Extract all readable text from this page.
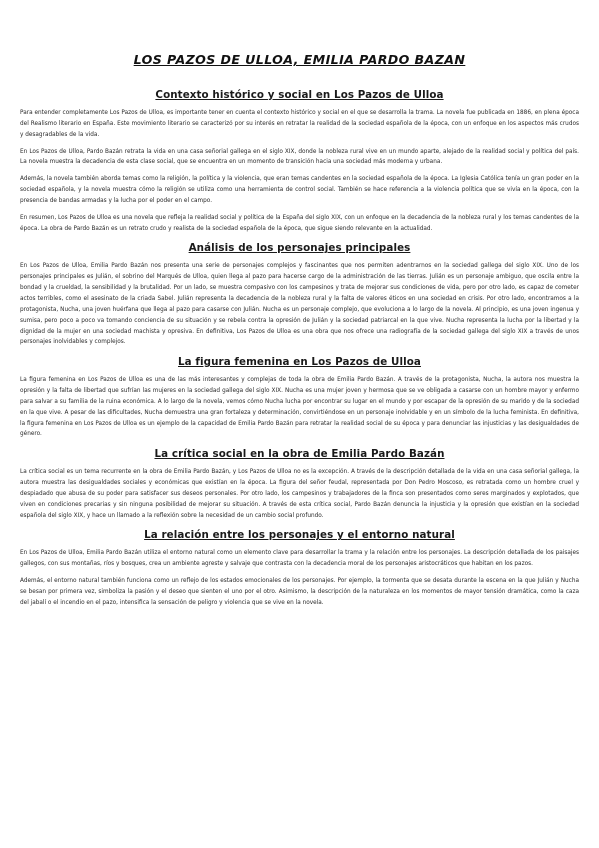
LOS PAZOS DE ULLOA, EMILIA PARDO BAZAN
Contexto histórico y social en Los Pazos de Ulloa

Para entender completamente Los Pazos de Ulloa, es importante tener en cuenta el contexto histórico y social en el que se desarrolla la trama. La novela fue publicada en 1886, en plena época del Realismo literario en España. Este movimiento literario se caracterizó por su interés en retratar la realidad de la sociedad española de la época, con un enfoque en los aspectos más crudos y desagradables de la vida.

En Los Pazos de Ulloa, Pardo Bazán retrata la vida en una casa señorial gallega en el siglo XIX, donde la nobleza rural vive en un mundo aparte, alejado de la realidad social y política del país. La novela muestra la decadencia de esta clase social, que se encuentra en un momento de transición hacia una sociedad más moderna y urbana.

Además, la novela también aborda temas como la religión, la política y la violencia, que eran temas candentes en la sociedad española de la época. La Iglesia Católica tenía un gran poder en la sociedad española, y la novela muestra cómo la religión se utiliza como una herramienta de control social. También se hace referencia a la violencia política que se vivía en la época, con la presencia de bandas armadas y la lucha por el poder en el campo.

En resumen, Los Pazos de Ulloa es una novela que refleja la realidad social y política de la España del siglo XIX, con un enfoque en la decadencia de la nobleza rural y los temas candentes de la época. La obra de Pardo Bazán es un retrato crudo y realista de la sociedad española de la época, que sigue siendo relevante en la actualidad.

Análisis de los personajes principales

En Los Pazos de Ulloa, Emilia Pardo Bazán nos presenta una serie de personajes complejos y fascinantes que nos permiten adentrarnos en la sociedad gallega del siglo XIX. Uno de los personajes principales es Julián, el sobrino del Marqués de Ulloa, quien llega al pazo para hacerse cargo de la administración de las tierras. Julián es un personaje ambiguo, que oscila entre la bondad y la crueldad, la sensibilidad y la brutalidad. Por un lado, se muestra compasivo con los campesinos y trata de mejorar sus condiciones de vida, pero por otro lado, es capaz de cometer actos terribles, como el asesinato de la criada Sabel. Julián representa la decadencia de la nobleza rural y la falta de valores éticos en una sociedad en crisis. Por otro lado, encontramos a la protagonista, Nucha, una joven huérfana que llega al pazo para casarse con Julián. Nucha es un personaje complejo, que evoluciona a lo largo de la novela. Al principio, es una joven ingenua y sumisa, pero poco a poco va tomando conciencia de su situación y se rebela contra la opresión de Julián y la sociedad patriarcal en la que vive. Nucha representa la lucha por la libertad y la dignidad de la mujer en una sociedad machista y opresiva. En definitiva, Los Pazos de Ulloa es una obra que nos ofrece una radiografía de la sociedad gallega del siglo XIX a través de unos personajes inolvidables y complejos.

La figura femenina en Los Pazos de Ulloa

La figura femenina en Los Pazos de Ulloa es una de las más interesantes y complejas de toda la obra de Emilia Pardo Bazán. A través de la protagonista, Nucha, la autora nos muestra la opresión y la falta de libertad que sufrían las mujeres en la sociedad gallega del siglo XIX. Nucha es una mujer joven y hermosa que se ve obligada a casarse con un hombre mayor y enfermo para salvar a su familia de la ruina económica. A lo largo de la novela, vemos cómo Nucha lucha por encontrar su lugar en el mundo y por escapar de la opresión de su marido y de la sociedad en la que vive. A pesar de las dificultades, Nucha demuestra una gran fortaleza y determinación, convirtiéndose en un personaje inolvidable y en un símbolo de la lucha feminista. En definitiva, la figura femenina en Los Pazos de Ulloa es un ejemplo de la capacidad de Emilia Pardo Bazán para retratar la realidad social de su época y para denunciar las injusticias y las desigualdades de género.

La crítica social en la obra de Emilia Pardo Bazán

La crítica social es un tema recurrente en la obra de Emilia Pardo Bazán, y Los Pazos de Ulloa no es la excepción. A través de la descripción detallada de la vida en una casa señorial gallega, la autora muestra las desigualdades sociales y económicas que existían en la época. La figura del señor feudal, representada por Don Pedro Moscoso, es retratada como un hombre cruel y despiadado que abusa de su poder para satisfacer sus deseos personales. Por otro lado, los campesinos y trabajadores de la finca son presentados como seres marginados y explotados, que viven en condiciones precarias y sin ninguna posibilidad de mejorar su situación. A través de esta crítica social, Pardo Bazán denuncia la injusticia y la opresión que existían en la sociedad española del siglo XIX, y hace un llamado a la reflexión sobre la necesidad de un cambio social profundo.

La relación entre los personajes y el entorno natural

En Los Pazos de Ulloa, Emilia Pardo Bazán utiliza el entorno natural como un elemento clave para desarrollar la trama y la relación entre los personajes. La descripción detallada de los paisajes gallegos, con sus montañas, ríos y bosques, crea un ambiente agreste y salvaje que contrasta con la decadencia moral de los personajes aristocráticos que habitan en los pazos.

Además, el entorno natural también funciona como un reflejo de los estados emocionales de los personajes. Por ejemplo, la tormenta que se desata durante la escena en la que Julián y Nucha se besan por primera vez, simboliza la pasión y el deseo que sienten el uno por el otro. Asimismo, la descripción de la naturaleza en los momentos de mayor tensión dramática, como la caza del jabalí o el incendio en el pazo, intensifica la sensación de peligro y violencia que se vive en la novela.
